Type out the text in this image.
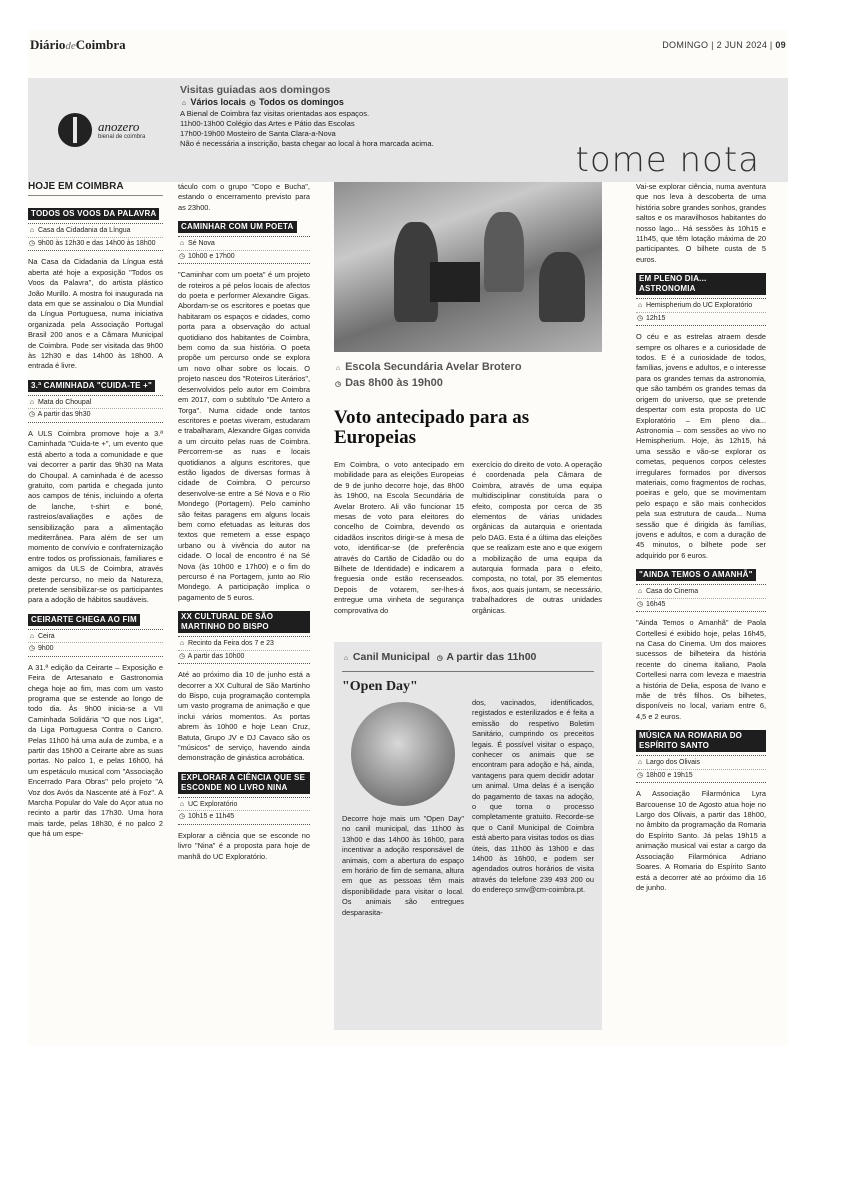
DiáriodeCoimbra	DOMINGO | 2 JUN 2024 | 09
anozero
bienal de coimbra
Visitas guiadas aos domingos
⌂ Vários locais ◷ Todos os domingos
A Bienal de Coimbra faz visitas orientadas aos espaços.
11h00-13h00 Colégio das Artes e Pátio das Escolas
17h00-19h00 Mosteiro de Santa Clara-a-Nova
Não é necessária a inscrição, basta chegar ao local à hora marcada acima.	tome nota
HOJE EM COIMBRA
TODOS OS VOOS DA PALAVRA
⌂ Casa da Cidadania da Língua
◷ 9h00 às 12h30 e das 14h00 às 18h00

Na Casa da Cidadania da Língua está aberta até hoje a exposição "Todos os Voos da Palavra", do artista plástico João Murillo. A mostra foi inaugurada na data em que se assinalou o Dia Mundial da Língua Portuguesa, numa iniciativa organizada pela Associação Portugal Brasil 200 anos e a Câmara Municipal de Coimbra. Pode ser visitada das 9h00 às 12h30 e das 14h00 às 18h00. A entrada é livre.

3.ª CAMINHADA "CUIDA-TE +"
⌂ Mata do Choupal
◷ A partir das 9h30

A ULS Coimbra promove hoje a 3.ª Caminhada "Cuida-te +", um evento que está aberto a toda a comunidade e que vai decorrer a partir das 9h30 na Mata do Choupal. A caminhada é de acesso gratuito, com partida e chegada junto aos campos de ténis, incluindo a oferta de lanche, t-shirt e boné, rastreios/avaliações e ações de sensibilização para a alimentação mediterrânea. Para além de ser um momento de convívio e confraternização entre todos os profissionais, familiares e amigos da ULS de Coimbra, através deste percurso, no meio da Natureza, pretende sensibilizar-se os participantes para a adoção de hábitos saudáveis.

CEIRARTE CHEGA AO FIM
⌂ Ceira
◷ 9h00

A 31.ª edição da Ceirarte – Exposição e Feira de Artesanato e Gastronomia chega hoje ao fim, mas com um vasto programa que se estende ao longo de todo dia. Às 9h00 inicia-se a VII Caminhada Solidária "O que nos Liga", da Liga Portuguesa Contra o Cancro. Pelas 11h00 há uma aula de zumba, e a partir das 15h00 a Ceirarte abre as suas portas. No palco 1, e pelas 16h00, há um espetáculo musical com "Associação Encerrado Para Obras" pelo projeto "A Voz dos Avós da Nascente até à Foz". A Marcha Popular do Vale do Açor atua no recinto a partir das 17h30. Uma hora mais tarde, pelas 18h30, é no palco 2 que há um espe-

táculo com o grupo "Copo e Bucha", estando o encerramento previsto para as 23h00.

CAMINHAR COM UM POETA
⌂ Sé Nova
◷ 10h00 e 17h00

"Caminhar com um poeta" é um projeto de roteiros a pé pelos locais de afectos do poeta e performer Alexandre Gigas. Abordam-se os escritores e poetas que habitaram os espaços e cidades, como porta para a observação do actual quotidiano dos habitantes de Coimbra, bem como da sua história. O poeta propõe um percurso onde se explora um novo olhar sobre os locais. O projeto nasceu dos "Roteiros Literários", desenvolvidos pelo autor em Coimbra em 2017, com o subtítulo "De Antero a Torga". Numa cidade onde tantos escritores e poetas viveram, estudaram e trabalharam, Alexandre Gigas convida a um circuito pelas ruas de Coimbra. Percorrem-se as ruas e locais quotidianos a alguns escritores, que estão ligados de diversas formas à cidade de Coimbra. O percurso desenvolve-se entre a Sé Nova e o Rio Mondego (Portagem). Pelo caminho são feitas paragens em alguns locais bem como efetuadas as leituras dos textos que remetem a esse espaço urbano ou à vivência do autor na cidade. O local de encontro é na Sé Nova (às 10h00 e 17h00) e o fim do percurso é na Portagem, junto ao Rio Mondego. A participação implica o pagamento de 5 euros.

XX CULTURAL DE SÃO MARTINHO DO BISPO
⌂ Recinto da Feira dos 7 e 23
◷ A partir das 10h00

Até ao próximo dia 10 de junho está a decorrer a XX Cultural de São Martinho do Bispo, cuja programação contempla um vasto programa de animação e que inclui vários momentos. As portas abrem às 10h00 e hoje Lean Cruz, Batuta, Grupo JV e DJ Cavaco são os "músicos" de serviço, havendo ainda demonstração de ginástica acrobática.

EXPLORAR A CIÊNCIA QUE SE ESCONDE NO LIVRO NINA
⌂ UC Exploratório
◷ 10h15 e 11h45

Explorar a ciência que se esconde no livro "Nina" é a proposta para hoje de manhã do UC Exploratório.

⌂ Escola Secundária Avelar Brotero
◷ Das 8h00 às 19h00
Voto antecipado para as Europeias

Em Coimbra, o voto antecipado em mobilidade para as eleições Europeias de 9 de junho decorre hoje, das 8h00 às 19h00, na Escola Secundária de Avelar Brotero. Ali vão funcionar 15 mesas de voto para eleitores do concelho de Coimbra, devendo os cidadãos inscritos dirigir-se à mesa de voto, identificar-se (de preferência através do Cartão de Cidadão ou do Bilhete de Identidade) e indicarem a freguesia onde estão recenseados. Depois de votarem, ser-lhes-á entregue uma vinheta de segurança comprovativa do

exercício do direito de voto. A operação é coordenada pela Câmara de Coimbra, através de uma equipa multidisciplinar constituída para o efeito, composta por cerca de 35 elementos de várias unidades orgânicas da autarquia e orientada pelo DAG. Esta é a última das eleições que se realizam este ano e que exigem a mobilização de uma equipa da autarquia formada para o efeito, composta, no total, por 35 elementos fixos, aos quais juntam, se necessário, trabalhadores de outras unidades orgânicas.

⌂ Canil Municipal ◷ A partir das 11h00
"Open Day"

Decorre hoje mais um "Open Day" no canil municipal, das 11h00 às 13h00 e das 14h00 às 16h00, para incentivar a adoção responsável de animais, com a abertura do espaço em horário de fim de semana, altura em que as pessoas têm mais disponibilidade para visitar o local. Os animais são entregues desparasita-

dos, vacinados, identificados, registados e esterilizados e é feita a emissão do respetivo Boletim Sanitário, cumprindo os preceitos legais. É possível visitar o espaço, conhecer os animais que se encontram para adoção e há, ainda, vantagens para quem decidir adotar um animal. Uma delas é a isenção do pagamento de taxas na adoção, o que torna o processo completamente gratuito. Recorde-se que o Canil Municipal de Coimbra está aberto para visitas todos os dias úteis, das 11h00 às 13h00 e das 14h00 às 16h00, e podem ser agendados outros horários de visita através do telefone 239 493 200 ou do endereço smv@cm-coimbra.pt.

Vai-se explorar ciência, numa aventura que nos leva à descoberta de uma história sobre grandes sonhos, grandes saltos e os maravilhosos habitantes do nosso lago... Há sessões às 10h15 e 11h45, que têm lotação máxima de 20 participantes. O bilhete custa de 5 euros.

EM PLENO DIA... ASTRONOMIA
⌂ Hemispherium do UC Exploratório
◷ 12h15

O céu e as estrelas atraem desde sempre os olhares e a curiosidade de todos. E é a curiosidade de todos, famílias, jovens e adultos, e o interesse para os grandes temas da astronomia, que são também os grandes temas da origem do universo, que se pretende despertar com esta proposta do UC Exploratório – Em pleno dia... Astronomia – com sessões ao vivo no Hemispherium. Hoje, às 12h15, há uma sessão e vão-se explorar os cometas, pequenos corpos celestes irregulares formados por diversos materiais, como fragmentos de rochas, poeiras e gelo, que se movimentam pelo espaço e são mais conhecidos pela sua estrutura de cauda... Numa sessão que é dirigida às famílias, jovens e adultos, e com a duração de 45 minutos, o bilhete pode ser adquirido por 6 euros.

"AINDA TEMOS O AMANHÃ"
⌂ Casa do Cinema
◷ 16h45

"Ainda Temos o Amanhã" de Paola Cortellesi é exibido hoje, pelas 16h45, na Casa do Cinema. Um dos maiores sucessos de bilheteira da história recente do cinema italiano, Paola Cortellesi narra com leveza e maestria a história de Delia, esposa de Ivano e mãe de três filhos. Os bilhetes, disponíveis no local, variam entre 6, 4,5 e 2 euros.

MÚSICA NA ROMARIA DO ESPÍRITO SANTO
⌂ Largo dos Olivais
◷ 18h00 e 19h15

A Associação Filarmónica Lyra Barcouense 10 de Agosto atua hoje no Largo dos Olivais, a partir das 18h00, no âmbito da programação da Romaria do Espírito Santo. Já pelas 19h15 a animação musical vai estar a cargo da Associação Filarmónica Adriano Soares. A Romaria do Espírito Santo está a decorrer até ao próximo dia 16 de junho.
